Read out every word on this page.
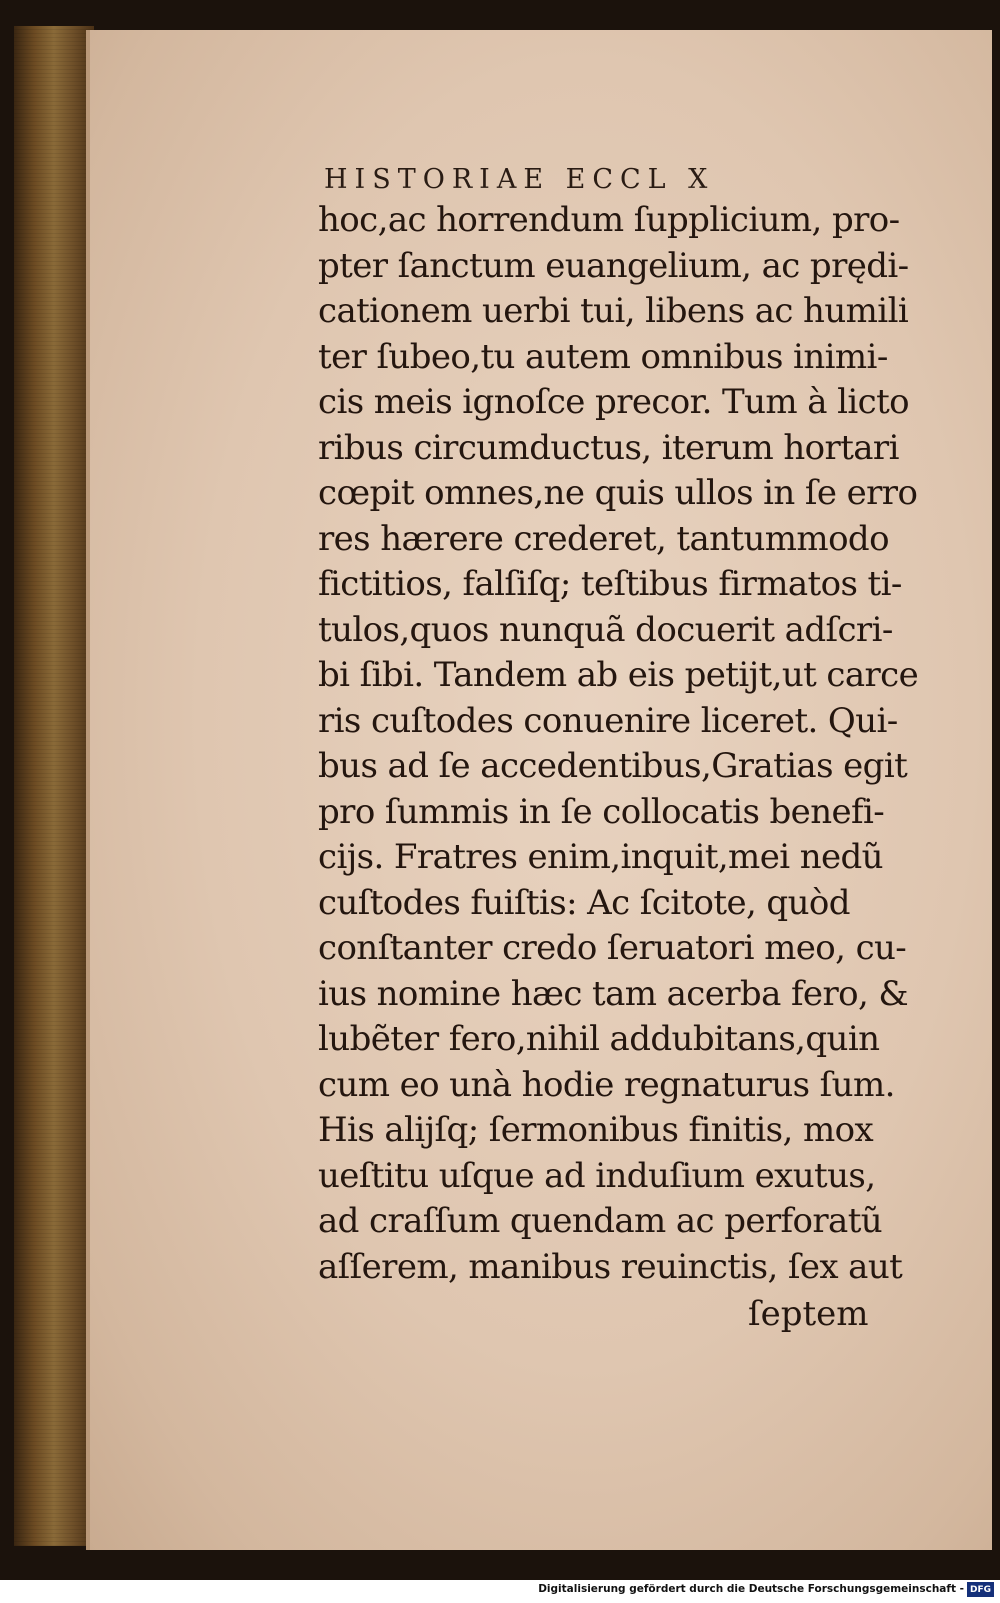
HISTORIAE ECCL X
hoc,ac horrendum ſupplicium, pro-
pter ſanctum euangelium, ac prędi-
cationem uerbi tui, libens ac humili
ter ſubeo,tu autem omnibus inimi-
cis meis ignoſce precor. Tum à licto
ribus circumductus, iterum hortari
cœpit omnes,ne quis ullos in ſe erro
res hærere crederet, tantummodo
fictitios, falſiſq; teſtibus firmatos ti-
tulos,quos nunquã docuerit adſcri-
bi ſibi. Tandem ab eis petijt,ut carce
ris cuſtodes conuenire liceret. Qui-
bus ad ſe accedentibus,Gratias egit
pro ſummis in ſe collocatis benefi-
cijs. Fratres enim,inquit,mei nedũ
cuſtodes fuiſtis: Ac ſcitote, quòd
conſtanter credo ſeruatori meo, cu-
ius nomine hæc tam acerba fero, &
lubẽter fero,nihil addubitans,quin
cum eo unà hodie regnaturus ſum.
His alijſq; ſermonibus finitis, mox
ueſtitu uſque ad induſium exutus,
ad craſſum quendam ac perforatũ
aſſerem, manibus reuinctis, ſex aut
ſeptem
Digitalisierung gefördert durch die Deutsche Forschungsgemeinschaft - DFG
